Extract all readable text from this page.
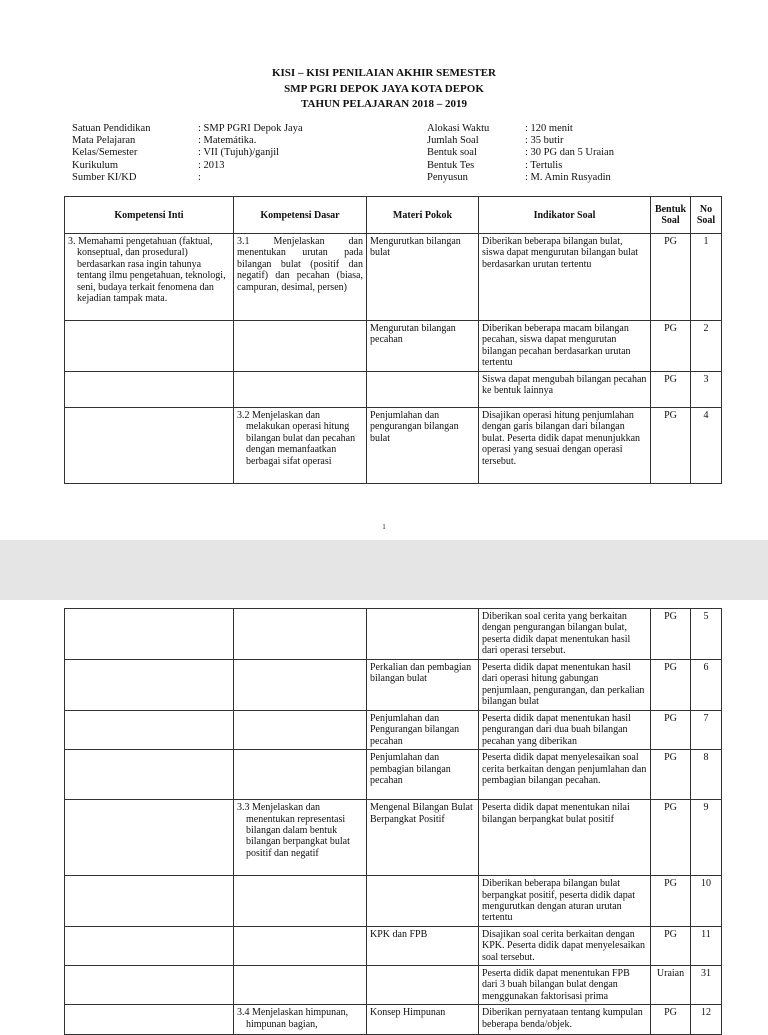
KISI – KISI PENILAIAN AKHIR SEMESTER
SMP PGRI DEPOK JAYA KOTA DEPOK
TAHUN PELAJARAN 2018 – 2019
Satuan Pendidikan	: SMP PGRI Depok Jaya
Mata Pelajaran	: Matemátika.
Kelas/Semester	: VII (Tujuh)/ganjil
Kurikulum	: 2013
Sumber KI/KD	:
Alokasi Waktu	: 120 menit
Jumlah Soal	: 35 butir
Bentuk soal	: 30 PG dan 5 Uraian
Bentuk Tes	: Tertulis
Penyusun	: M. Amin Rusyadin
Kompetensi Inti	Kompetensi Dasar	Materi Pokok	Indikator Soal	Bentuk Soal	No Soal
3. Memahami pengetahuan (faktual, konseptual, dan prosedural) berdasarkan rasa ingin tahunya tentang ilmu pengetahuan, teknologi, seni, budaya terkait fenomena dan kejadian tampak mata.	3.1 Menjelaskan dan menentukan urutan pada bilangan bulat (positif dan negatif) dan pecahan (biasa, campuran, desimal, persen)	Mengurutkan bilangan bulat	Diberikan beberapa bilangan bulat, siswa dapat mengurutan bilangan bulat berdasarkan urutan tertentu	PG	1
		Mengurutan bilangan pecahan	Diberikan beberapa macam bilangan pecahan, siswa dapat mengurutan bilangan pecahan berdasarkan urutan tertentu	PG	2
			Siswa dapat mengubah bilangan pecahan ke bentuk lainnya	PG	3
	3.2 Menjelaskan dan melakukan operasi hitung bilangan bulat dan pecahan dengan memanfaatkan berbagai sifat operasi	Penjumlahan dan pengurangan bilangan bulat	Disajikan operasi hitung penjumlahan dengan garis bilangan dari bilangan bulat. Peserta didik dapat menunjukkan operasi yang sesuai dengan operasi tersebut.	PG	4
1
			Diberikan soal cerita yang berkaitan dengan pengurangan bilangan bulat, peserta didik dapat menentukan hasil dari operasi tersebut.	PG	5
		Perkalian dan pembagian bilangan bulat	Peserta didik dapat menentukan hasil dari operasi hitung gabungan penjumlaan, pengurangan, dan perkalian bilangan bulat	PG	6
		Penjumlahan dan Pengurangan bilangan pecahan	Peserta didik dapat menentukan hasil pengurangan dari dua buah bilangan pecahan yang diberikan	PG	7
		Penjumlahan dan pembagian bilangan pecahan	Peserta didik dapat menyelesaikan soal cerita berkaitan dengan penjumlahan dan pembagian bilangan pecahan.	PG	8
	3.3 Menjelaskan dan menentukan representasi bilangan dalam bentuk bilangan berpangkat bulat positif dan negatif	Mengenal Bilangan Bulat Berpangkat Positif	Peserta didik dapat menentukan nilai bilangan berpangkat bulat positif	PG	9
			Diberikan beberapa bilangan bulat berpangkat positif, peserta didik dapat mengurutkan dengan aturan urutan tertentu	PG	10
		KPK dan FPB	Disajikan soal cerita berkaitan dengan KPK. Peserta didik dapat menyelesaikan soal tersebut.	PG	11
			Peserta didik dapat menentukan FPB dari 3 buah bilangan bulat dengan menggunakan faktorisasi prima	Uraian	31
	3.4 Menjelaskan himpunan, himpunan bagian,	Konsep Himpunan	Diberikan pernyataan tentang kumpulan beberapa benda/objek.	PG	12
